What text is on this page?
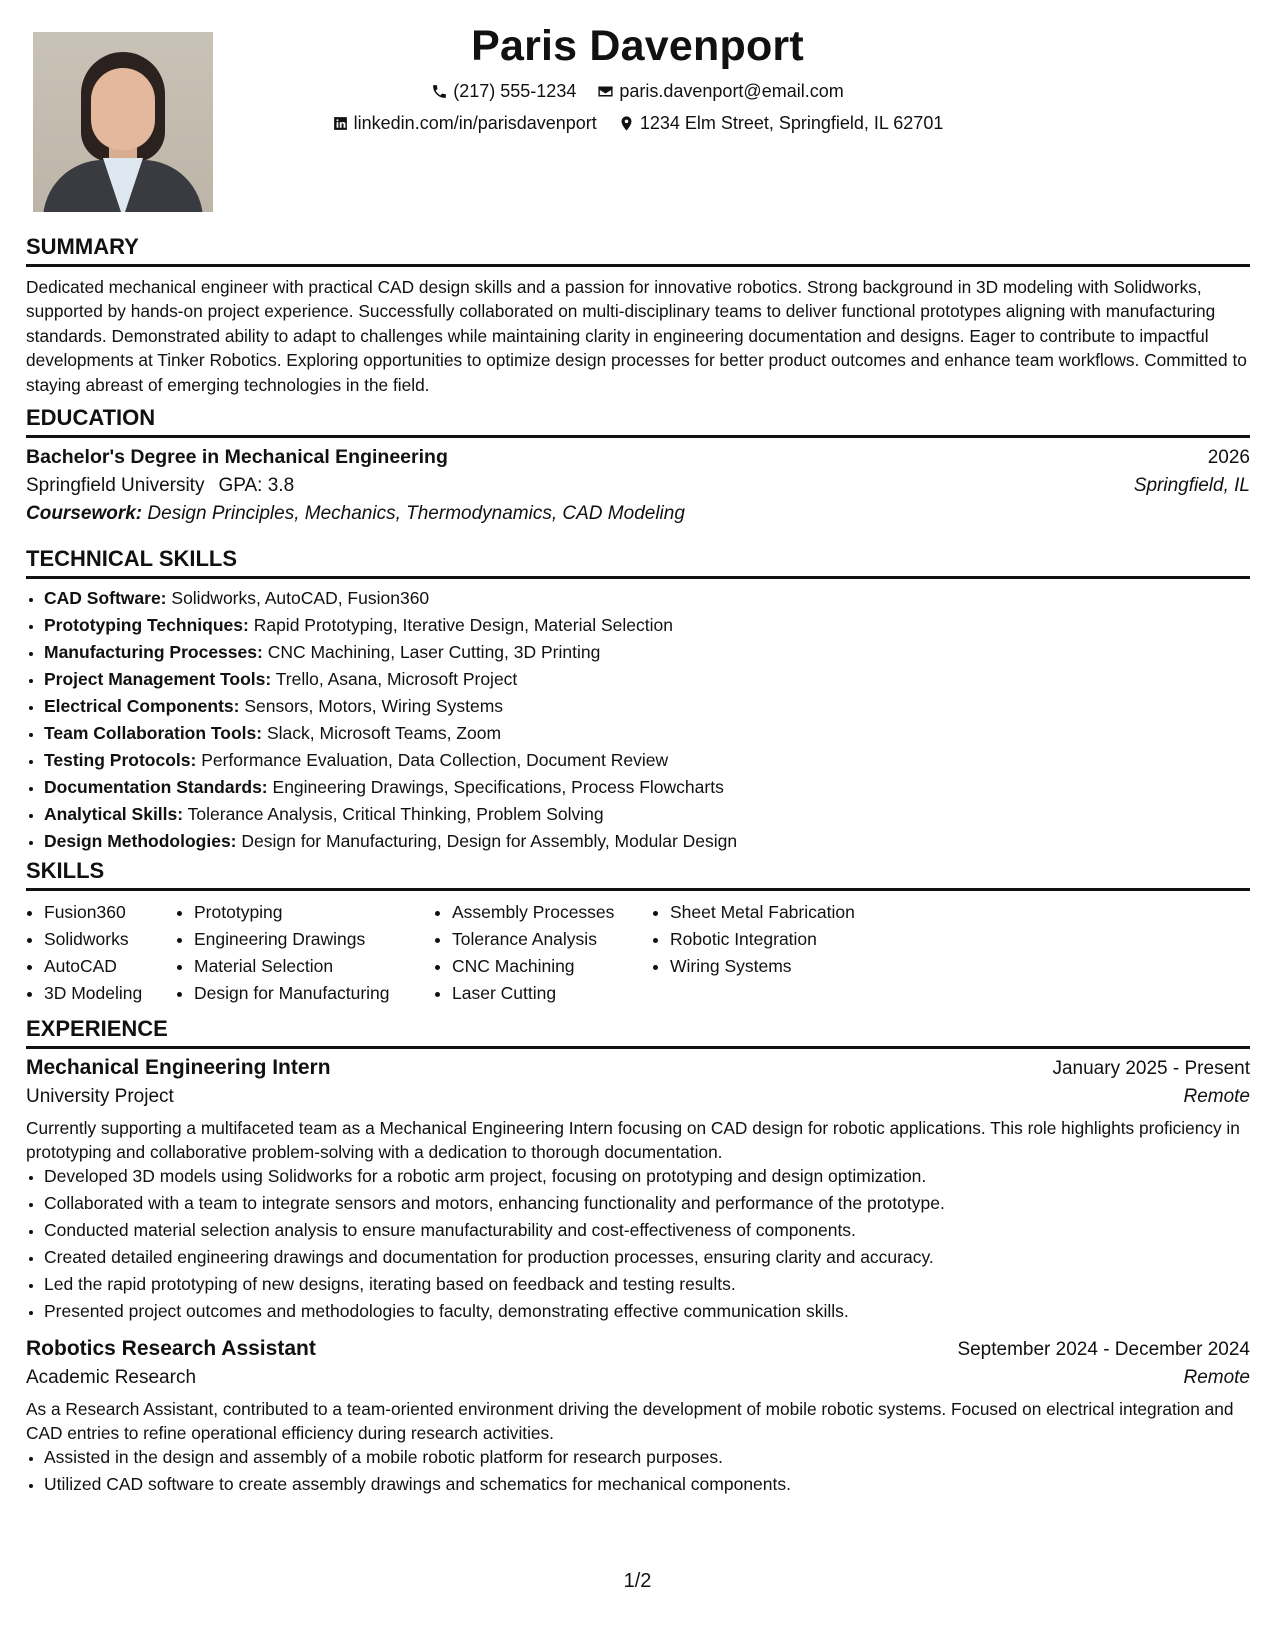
Paris Davenport
(217) 555-1234
paris.davenport@email.com
linkedin.com/in/parisdavenport
1234 Elm Street, Springfield, IL 62701
SUMMARY
Dedicated mechanical engineer with practical CAD design skills and a passion for innovative robotics. Strong background in 3D modeling with Solidworks, supported by hands-on project experience. Successfully collaborated on multi-disciplinary teams to deliver functional prototypes aligning with manufacturing standards. Demonstrated ability to adapt to challenges while maintaining clarity in engineering documentation and designs. Eager to contribute to impactful developments at Tinker Robotics. Exploring opportunities to optimize design processes for better product outcomes and enhance team workflows. Committed to staying abreast of emerging technologies in the field.
EDUCATION
Bachelor's Degree in Mechanical Engineering	2026
Springfield University GPA: 3.8	Springfield, IL
Coursework: Design Principles, Mechanics, Thermodynamics, CAD Modeling
TECHNICAL SKILLS
• CAD Software: Solidworks, AutoCAD, Fusion360
• Prototyping Techniques: Rapid Prototyping, Iterative Design, Material Selection
• Manufacturing Processes: CNC Machining, Laser Cutting, 3D Printing
• Project Management Tools: Trello, Asana, Microsoft Project
• Electrical Components: Sensors, Motors, Wiring Systems
• Team Collaboration Tools: Slack, Microsoft Teams, Zoom
• Testing Protocols: Performance Evaluation, Data Collection, Document Review
• Documentation Standards: Engineering Drawings, Specifications, Process Flowcharts
• Analytical Skills: Tolerance Analysis, Critical Thinking, Problem Solving
• Design Methodologies: Design for Manufacturing, Design for Assembly, Modular Design
SKILLS
• Fusion360
• Solidworks
• AutoCAD
• 3D Modeling
• Prototyping
• Engineering Drawings
• Material Selection
• Design for Manufacturing
• Assembly Processes
• Tolerance Analysis
• CNC Machining
• Laser Cutting
• Sheet Metal Fabrication
• Robotic Integration
• Wiring Systems
EXPERIENCE
Mechanical Engineering Intern	January 2025 - Present
University Project	Remote
Currently supporting a multifaceted team as a Mechanical Engineering Intern focusing on CAD design for robotic applications. This role highlights proficiency in prototyping and collaborative problem-solving with a dedication to thorough documentation.
• Developed 3D models using Solidworks for a robotic arm project, focusing on prototyping and design optimization.
• Collaborated with a team to integrate sensors and motors, enhancing functionality and performance of the prototype.
• Conducted material selection analysis to ensure manufacturability and cost-effectiveness of components.
• Created detailed engineering drawings and documentation for production processes, ensuring clarity and accuracy.
• Led the rapid prototyping of new designs, iterating based on feedback and testing results.
• Presented project outcomes and methodologies to faculty, demonstrating effective communication skills.
Robotics Research Assistant	September 2024 - December 2024
Academic Research	Remote
As a Research Assistant, contributed to a team-oriented environment driving the development of mobile robotic systems. Focused on electrical integration and CAD entries to refine operational efficiency during research activities.
• Assisted in the design and assembly of a mobile robotic platform for research purposes.
• Utilized CAD software to create assembly drawings and schematics for mechanical components.
1/2
